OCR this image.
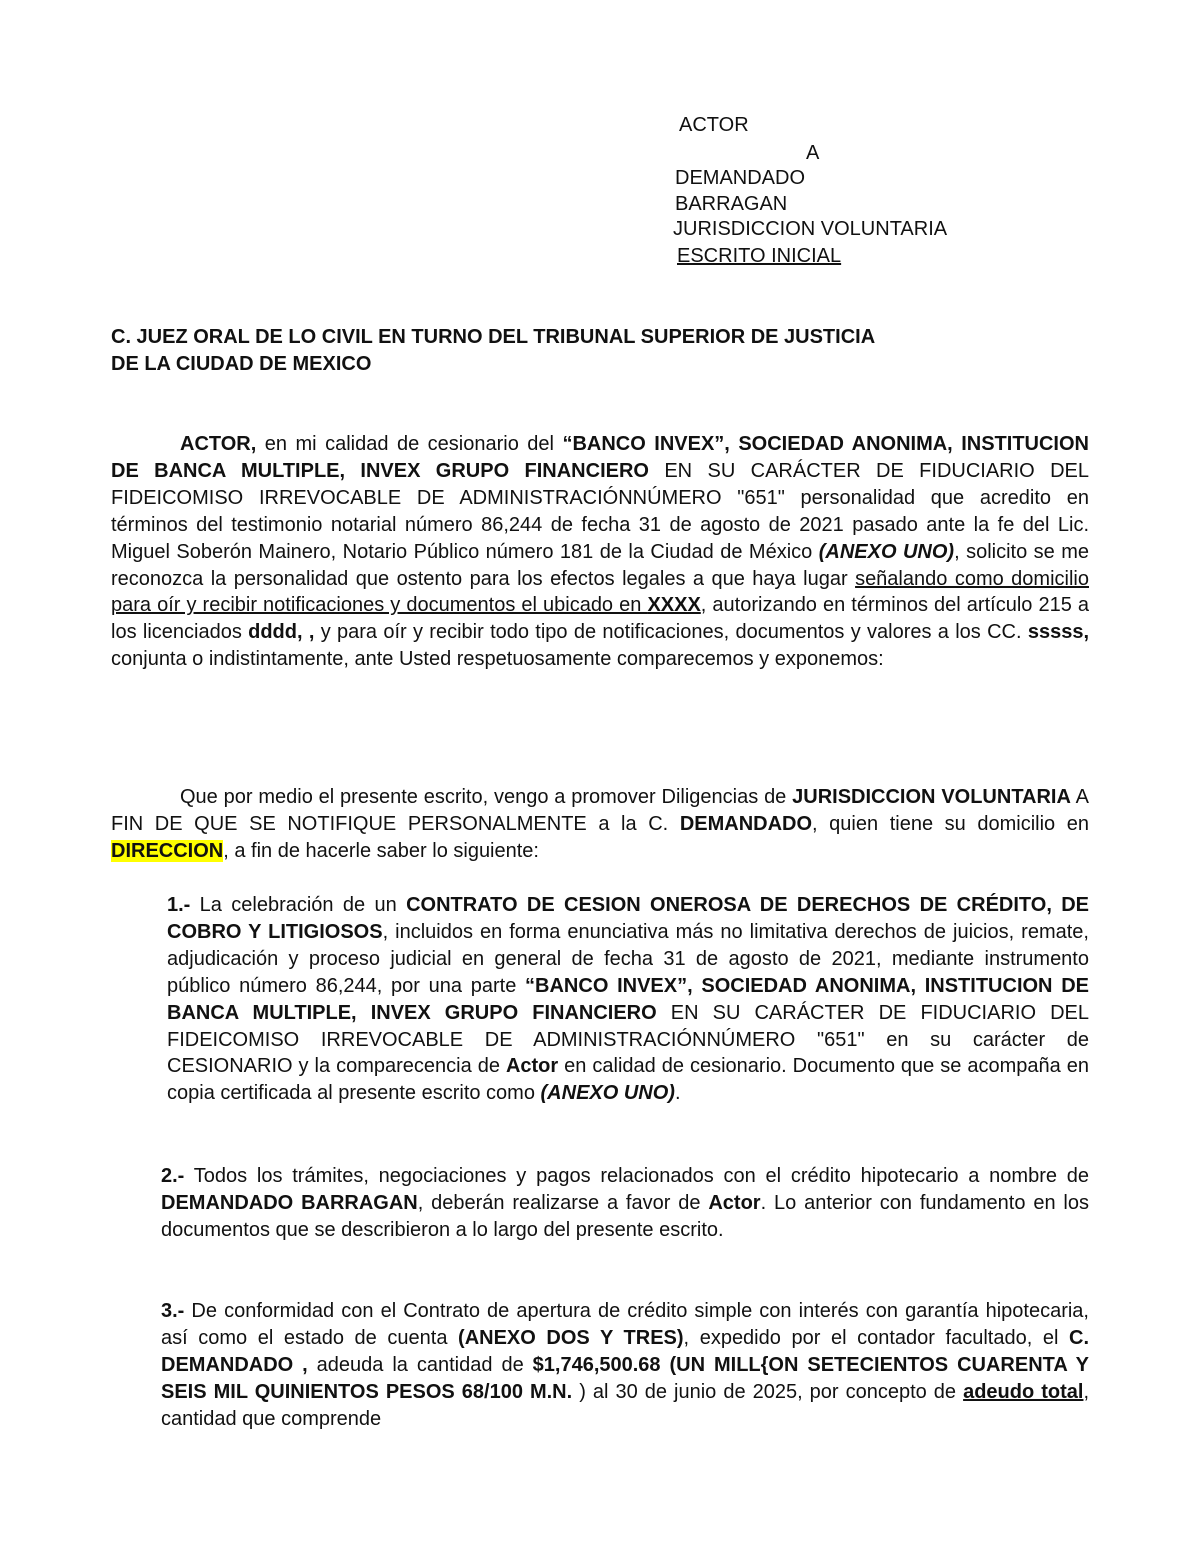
ACTOR
A
DEMANDADO
BARRAGAN
JURISDICCION VOLUNTARIA
ESCRITO INICIAL
C. JUEZ ORAL DE LO CIVIL EN TURNO DEL TRIBUNAL SUPERIOR DE JUSTICIA
DE LA CIUDAD DE MEXICO
ACTOR, en mi calidad de cesionario del “BANCO INVEX”, SOCIEDAD ANONIMA, INSTITUCION DE BANCA MULTIPLE, INVEX GRUPO FINANCIERO EN SU CARÁCTER DE FIDUCIARIO DEL FIDEICOMISO IRREVOCABLE DE ADMINISTRACIÓNNÚMERO "651" personalidad que acredito en términos del testimonio notarial número 86,244 de fecha 31 de agosto de 2021 pasado ante la fe del Lic. Miguel Soberón Mainero, Notario Público número 181 de la Ciudad de México (ANEXO UNO), solicito se me reconozca la personalidad que ostento para los efectos legales a que haya lugar señalando como domicilio para oír y recibir notificaciones y documentos el ubicado en XXXX, autorizando en términos del artículo 215 a los licenciados dddd, , y para oír y recibir todo tipo de notificaciones, documentos y valores a los CC. sssss, conjunta o indistintamente, ante Usted respetuosamente comparecemos y exponemos:
Que por medio el presente escrito, vengo a promover Diligencias de JURISDICCION VOLUNTARIA A FIN DE QUE SE NOTIFIQUE PERSONALMENTE a la C. DEMANDADO, quien tiene su domicilio en DIRECCION, a fin de hacerle saber lo siguiente:
1.- La celebración de un CONTRATO DE CESION ONEROSA DE DERECHOS DE CRÉDITO, DE COBRO Y LITIGIOSOS, incluidos en forma enunciativa más no limitativa derechos de juicios, remate, adjudicación y proceso judicial en general de fecha 31 de agosto de 2021, mediante instrumento público número 86,244, por una parte “BANCO INVEX”, SOCIEDAD ANONIMA, INSTITUCION DE BANCA MULTIPLE, INVEX GRUPO FINANCIERO EN SU CARÁCTER DE FIDUCIARIO DEL FIDEICOMISO IRREVOCABLE DE ADMINISTRACIÓNNÚMERO "651" en su carácter de CESIONARIO y la comparecencia de Actor en calidad de cesionario. Documento que se acompaña en copia certificada al presente escrito como (ANEXO UNO).
2.- Todos los trámites, negociaciones y pagos relacionados con el crédito hipotecario a nombre de DEMANDADO BARRAGAN, deberán realizarse a favor de Actor. Lo anterior con fundamento en los documentos que se describieron a lo largo del presente escrito.
3.- De conformidad con el Contrato de apertura de crédito simple con interés con garantía hipotecaria, así como el estado de cuenta (ANEXO DOS Y TRES), expedido por el contador facultado, el C. DEMANDADO , adeuda la cantidad de $1,746,500.68 (UN MILL{ON SETECIENTOS CUARENTA Y SEIS MIL QUINIENTOS PESOS 68/100 M.N. ) al 30 de junio de 2025, por concepto de adeudo total, cantidad que comprende
